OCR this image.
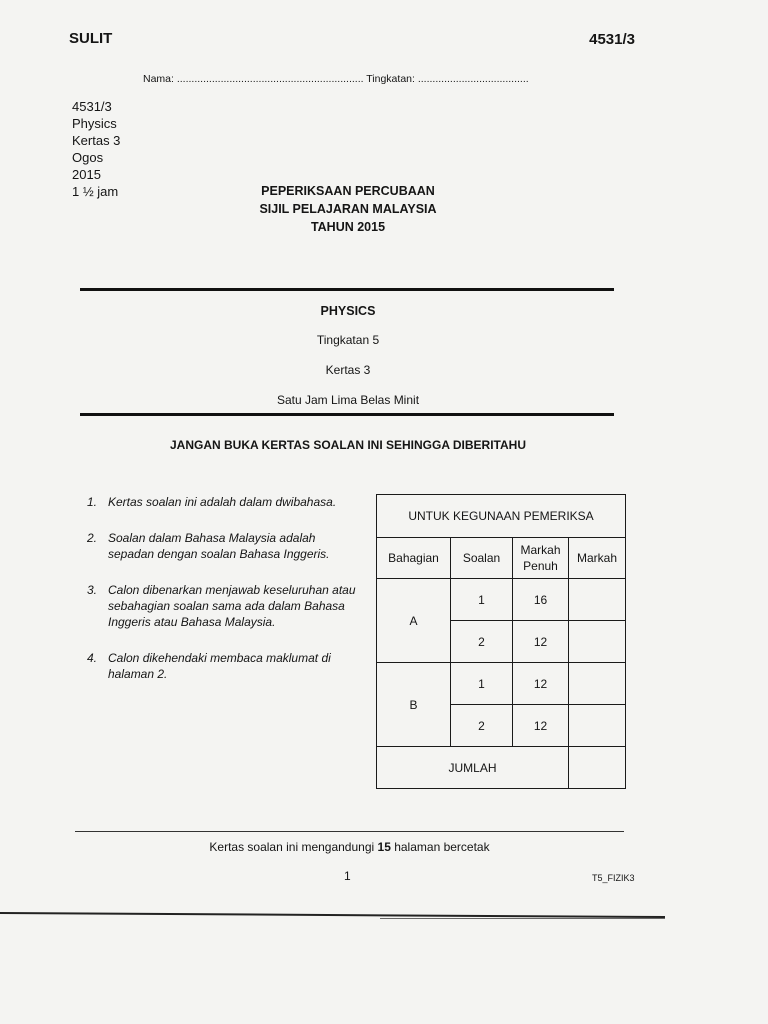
SULIT	4531/3
Nama: ................................................................ Tingkatan: ......................................
4531/3
Physics
Kertas 3
Ogos
2015
1 ½ jam	PEPERIKSAAN PERCUBAAN
SIJIL PELAJARAN MALAYSIA
TAHUN 2015
PHYSICS
Tingkatan 5
Kertas 3
Satu Jam Lima Belas Minit
JANGAN BUKA KERTAS SOALAN INI SEHINGGA DIBERITAHU
1. Kertas soalan ini adalah dalam dwibahasa.
2. Soalan dalam Bahasa Malaysia adalah sepadan dengan soalan Bahasa Inggeris.
3. Calon dibenarkan menjawab keseluruhan atau sebahagian soalan sama ada dalam Bahasa Inggeris atau Bahasa Malaysia.
4. Calon dikehendaki membaca maklumat di halaman 2.
UNTUK KEGUNAAN PEMERIKSA			
Bahagian	Soalan	Markah Penuh	Markah
A	1	16	
	2	12	
B	1	12	
	2	12	
JUMLAH			
Kertas soalan ini mengandungi 15 halaman bercetak
1	T5_FIZIK3
